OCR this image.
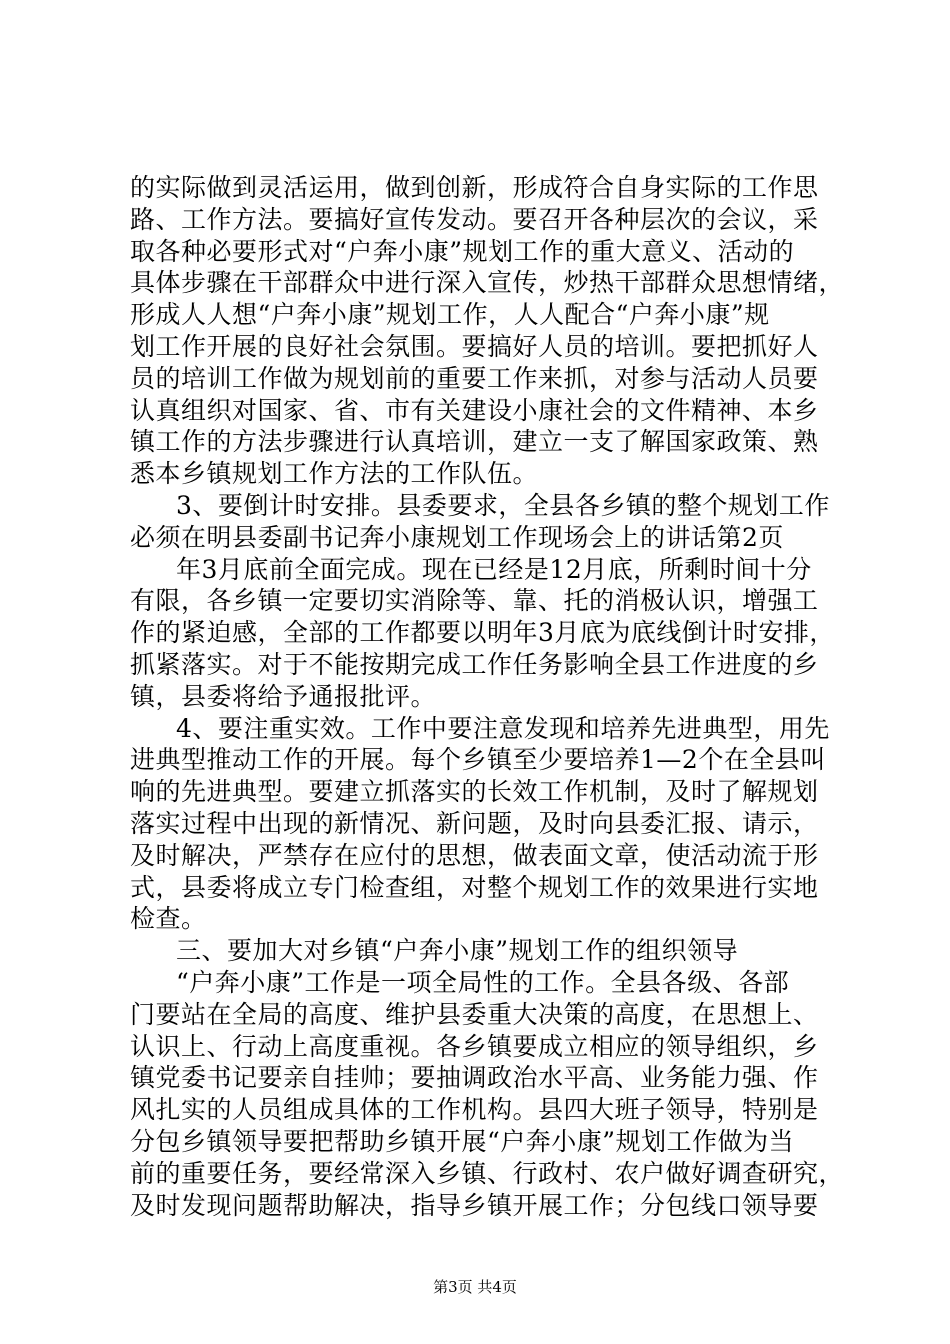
的实际做到灵活运用，做到创新，形成符合自身实际的工作思
路、工作方法。要搞好宣传发动。要召开各种层次的会议，采
取各种必要形式对“户奔小康”规划工作的重大意义、活动的
具体步骤在干部群众中进行深入宣传，炒热干部群众思想情绪，
形成人人想“户奔小康”规划工作，人人配合“户奔小康”规
划工作开展的良好社会氛围。要搞好人员的培训。要把抓好人
员的培训工作做为规划前的重要工作来抓，对参与活动人员要
认真组织对国家、省、市有关建设小康社会的文件精神、本乡
镇工作的方法步骤进行认真培训，建立一支了解国家政策、熟
悉本乡镇规划工作方法的工作队伍。
3、要倒计时安排。县委要求，全县各乡镇的整个规划工作
必须在明县委副书记奔小康规划工作现场会上的讲话第2页
年3月底前全面完成。现在已经是12月底，所剩时间十分
有限，各乡镇一定要切实消除等、靠、托的消极认识，增强工
作的紧迫感，全部的工作都要以明年3月底为底线倒计时安排，
抓紧落实。对于不能按期完成工作任务影响全县工作进度的乡
镇，县委将给予通报批评。
4、要注重实效。工作中要注意发现和培养先进典型，用先
进典型推动工作的开展。每个乡镇至少要培养1—2个在全县叫
响的先进典型。要建立抓落实的长效工作机制，及时了解规划
落实过程中出现的新情况、新问题，及时向县委汇报、请示，
及时解决，严禁存在应付的思想，做表面文章，使活动流于形
式，县委将成立专门检查组，对整个规划工作的效果进行实地
检查。
三、要加大对乡镇“户奔小康”规划工作的组织领导
“户奔小康”工作是一项全局性的工作。全县各级、各部
门要站在全局的高度、维护县委重大决策的高度，在思想上、
认识上、行动上高度重视。各乡镇要成立相应的领导组织，乡
镇党委书记要亲自挂帅；要抽调政治水平高、业务能力强、作
风扎实的人员组成具体的工作机构。县四大班子领导，特别是
分包乡镇领导要把帮助乡镇开展“户奔小康”规划工作做为当
前的重要任务，要经常深入乡镇、行政村、农户做好调查研究，
及时发现问题帮助解决，指导乡镇开展工作；分包线口领导要
第3页 共4页
